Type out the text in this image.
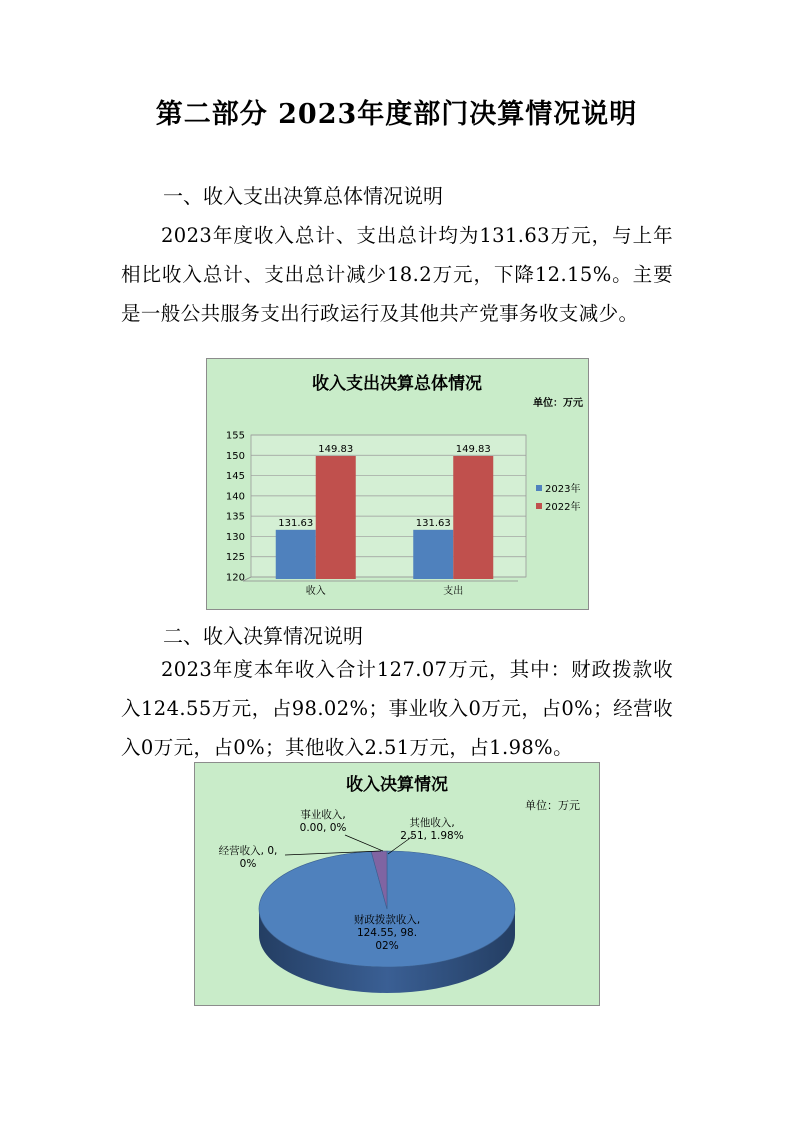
第二部分 2023年度部门决算情况说明
一、收入支出决算总体情况说明
2023年度收入总计、支出总计均为131.63万元，与上年相比收入总计、支出总计减少18.2万元，下降12.15%。主要是一般公共服务支出行政运行及其他共产党事务收支减少。
收入支出决算总体情况
单位：万元
120
125
130
135
140
145
150
155
131.63
149.83
收入
131.63
149.83
支出
2023年
2022年
二、收入决算情况说明
2023年度本年收入合计127.07万元，其中：财政拨款收入124.55万元，占98.02%；事业收入0万元，占0%；经营收入0万元，占0%；其他收入2.51万元，占1.98%。
收入决算情况
单位：万元
财政拨款收入,
124.55, 98.
02%
事业收入,
0.00, 0%
经营收入, 0,
0%
其他收入,
2.51, 1.98%
